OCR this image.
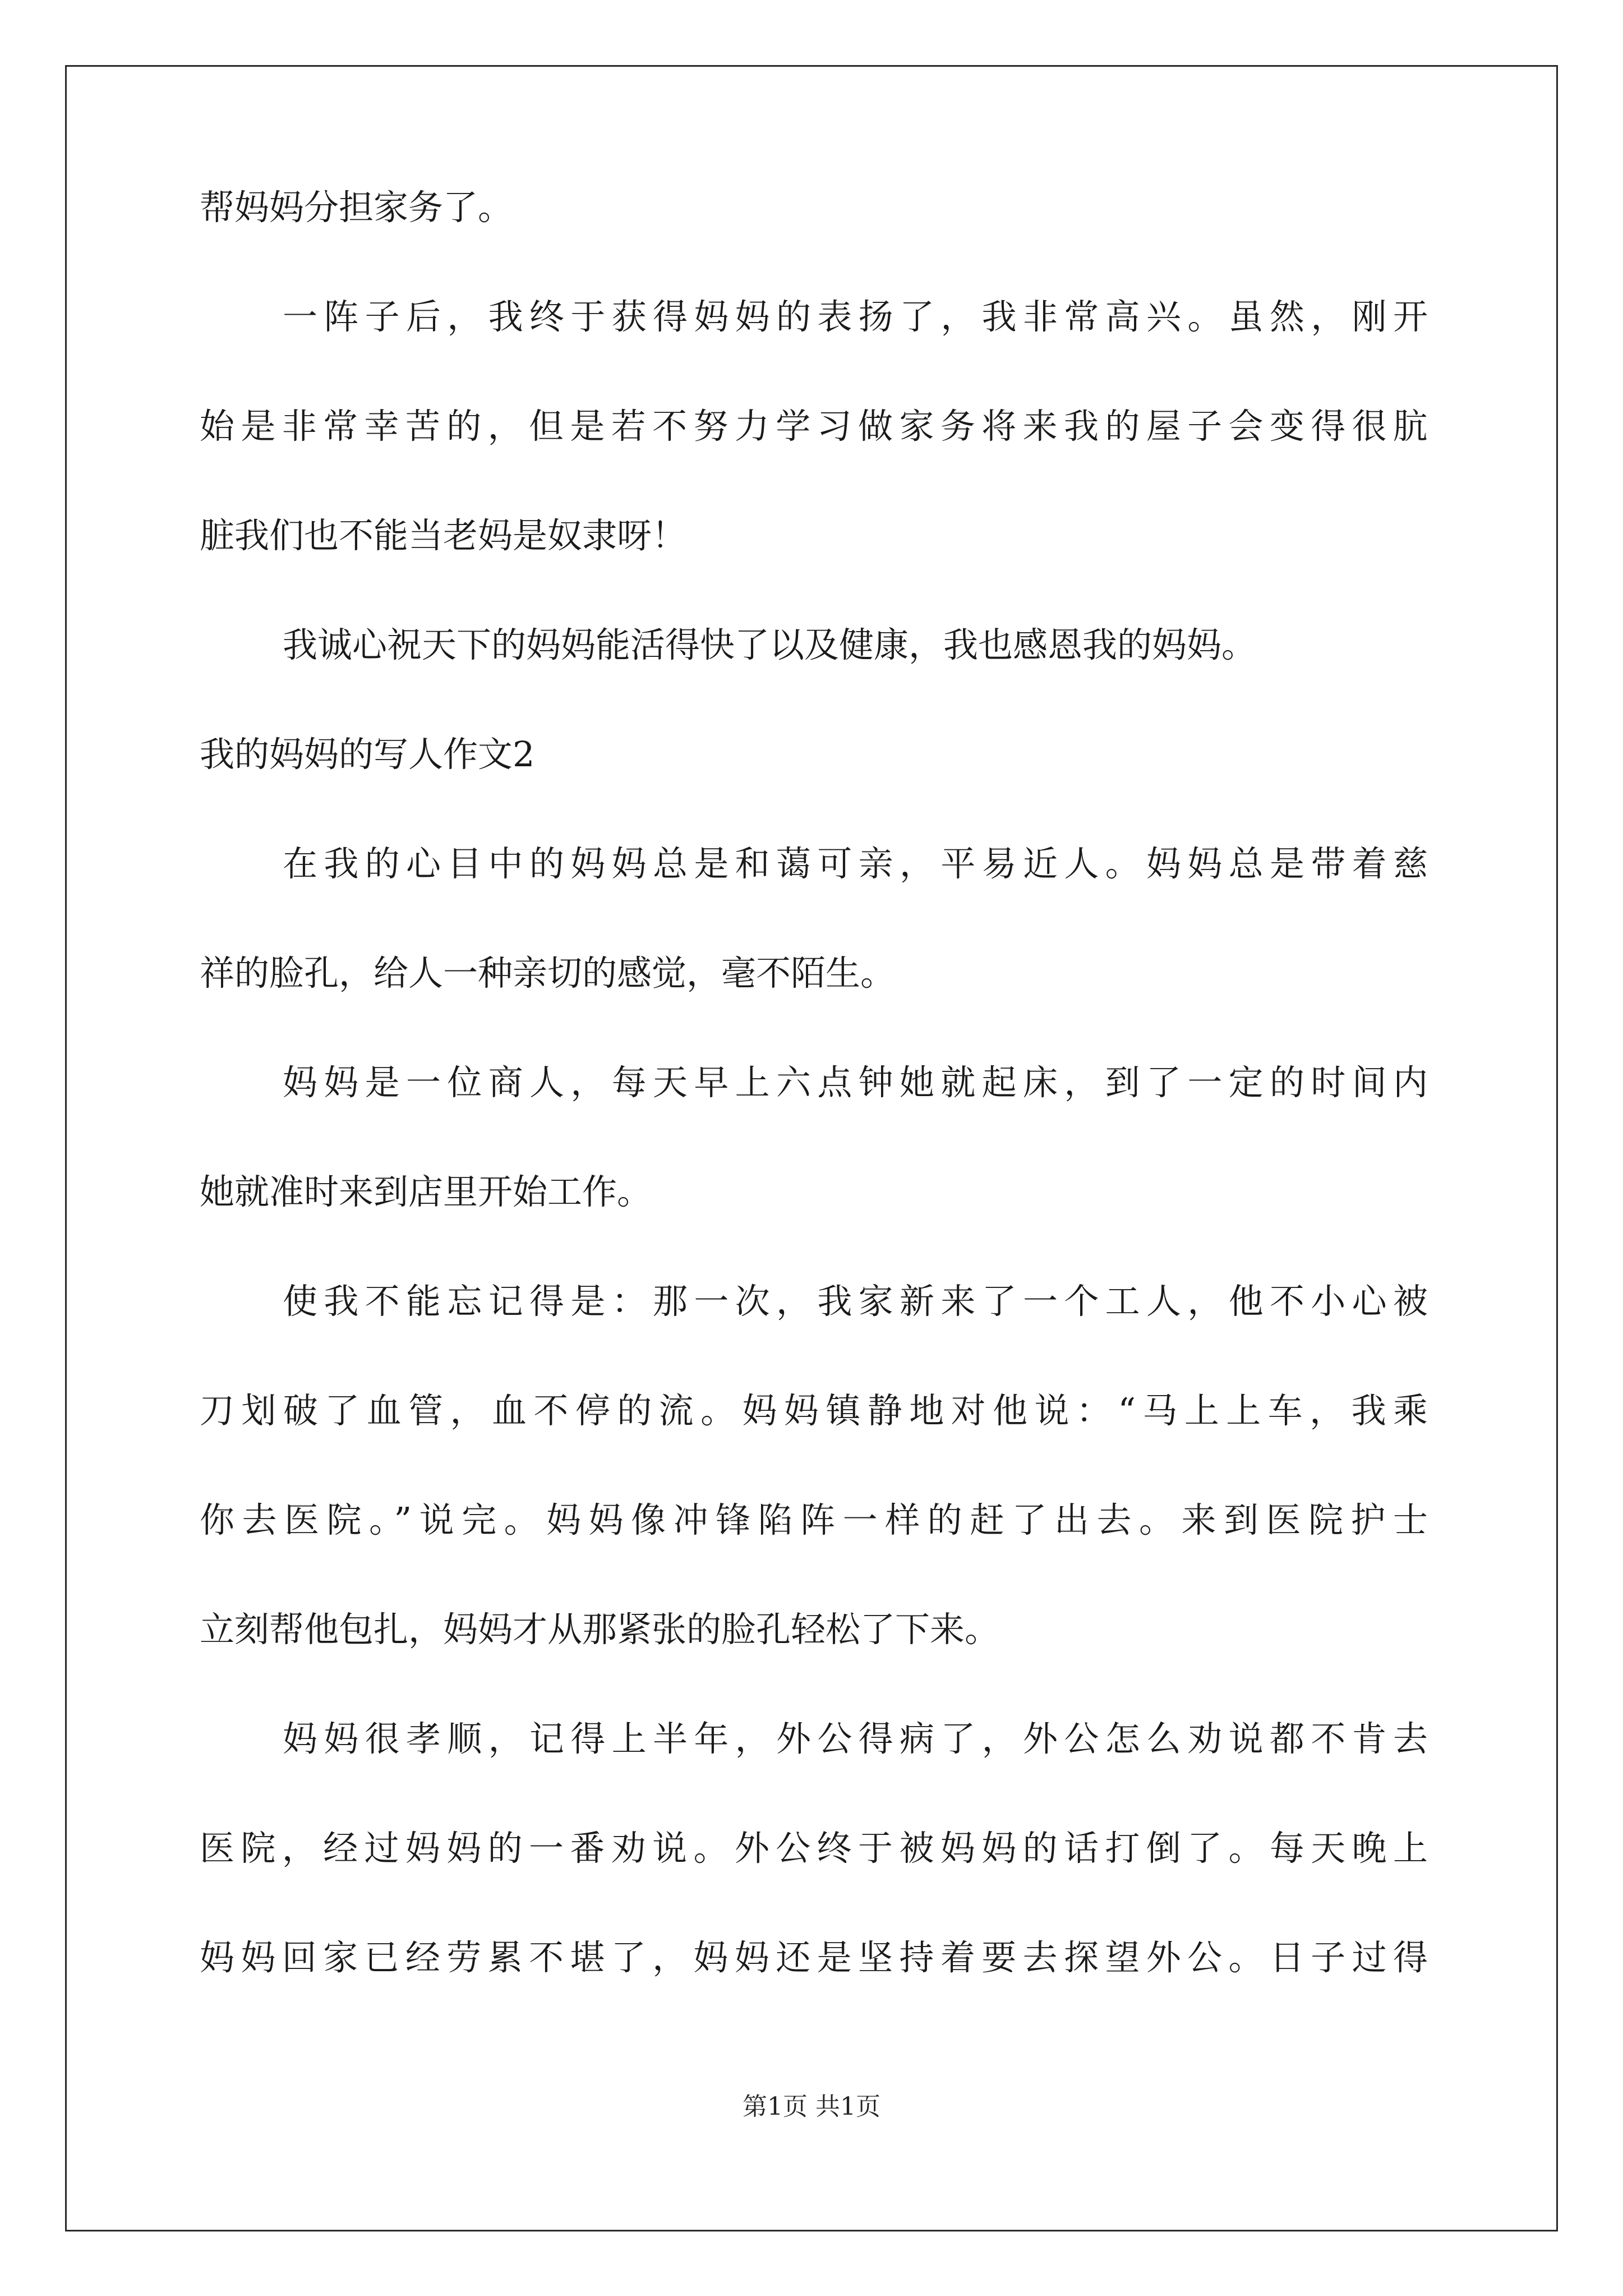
帮妈妈分担家务了。
一阵子后，我终于获得妈妈的表扬了，我非常高兴。虽然，刚开
始是非常幸苦的，但是若不努力学习做家务将来我的屋子会变得很肮
脏我们也不能当老妈是奴隶呀！
我诚心祝天下的妈妈能活得快了以及健康，我也感恩我的妈妈。
我的妈妈的写人作文2
在我的心目中的妈妈总是和蔼可亲，平易近人。妈妈总是带着慈
祥的脸孔，给人一种亲切的感觉，毫不陌生。
妈妈是一位商人，每天早上六点钟她就起床，到了一定的时间内
她就准时来到店里开始工作。
使我不能忘记得是：那一次，我家新来了一个工人，他不小心被
刀划破了血管，血不停的流。妈妈镇静地对他说：“马上上车，我乘
你去医院。”说完。妈妈像冲锋陷阵一样的赶了出去。来到医院护士
立刻帮他包扎，妈妈才从那紧张的脸孔轻松了下来。
妈妈很孝顺，记得上半年，外公得病了，外公怎么劝说都不肯去
医院，经过妈妈的一番劝说。外公终于被妈妈的话打倒了。每天晚上
妈妈回家已经劳累不堪了，妈妈还是坚持着要去探望外公。日子过得
第1页 共1页
